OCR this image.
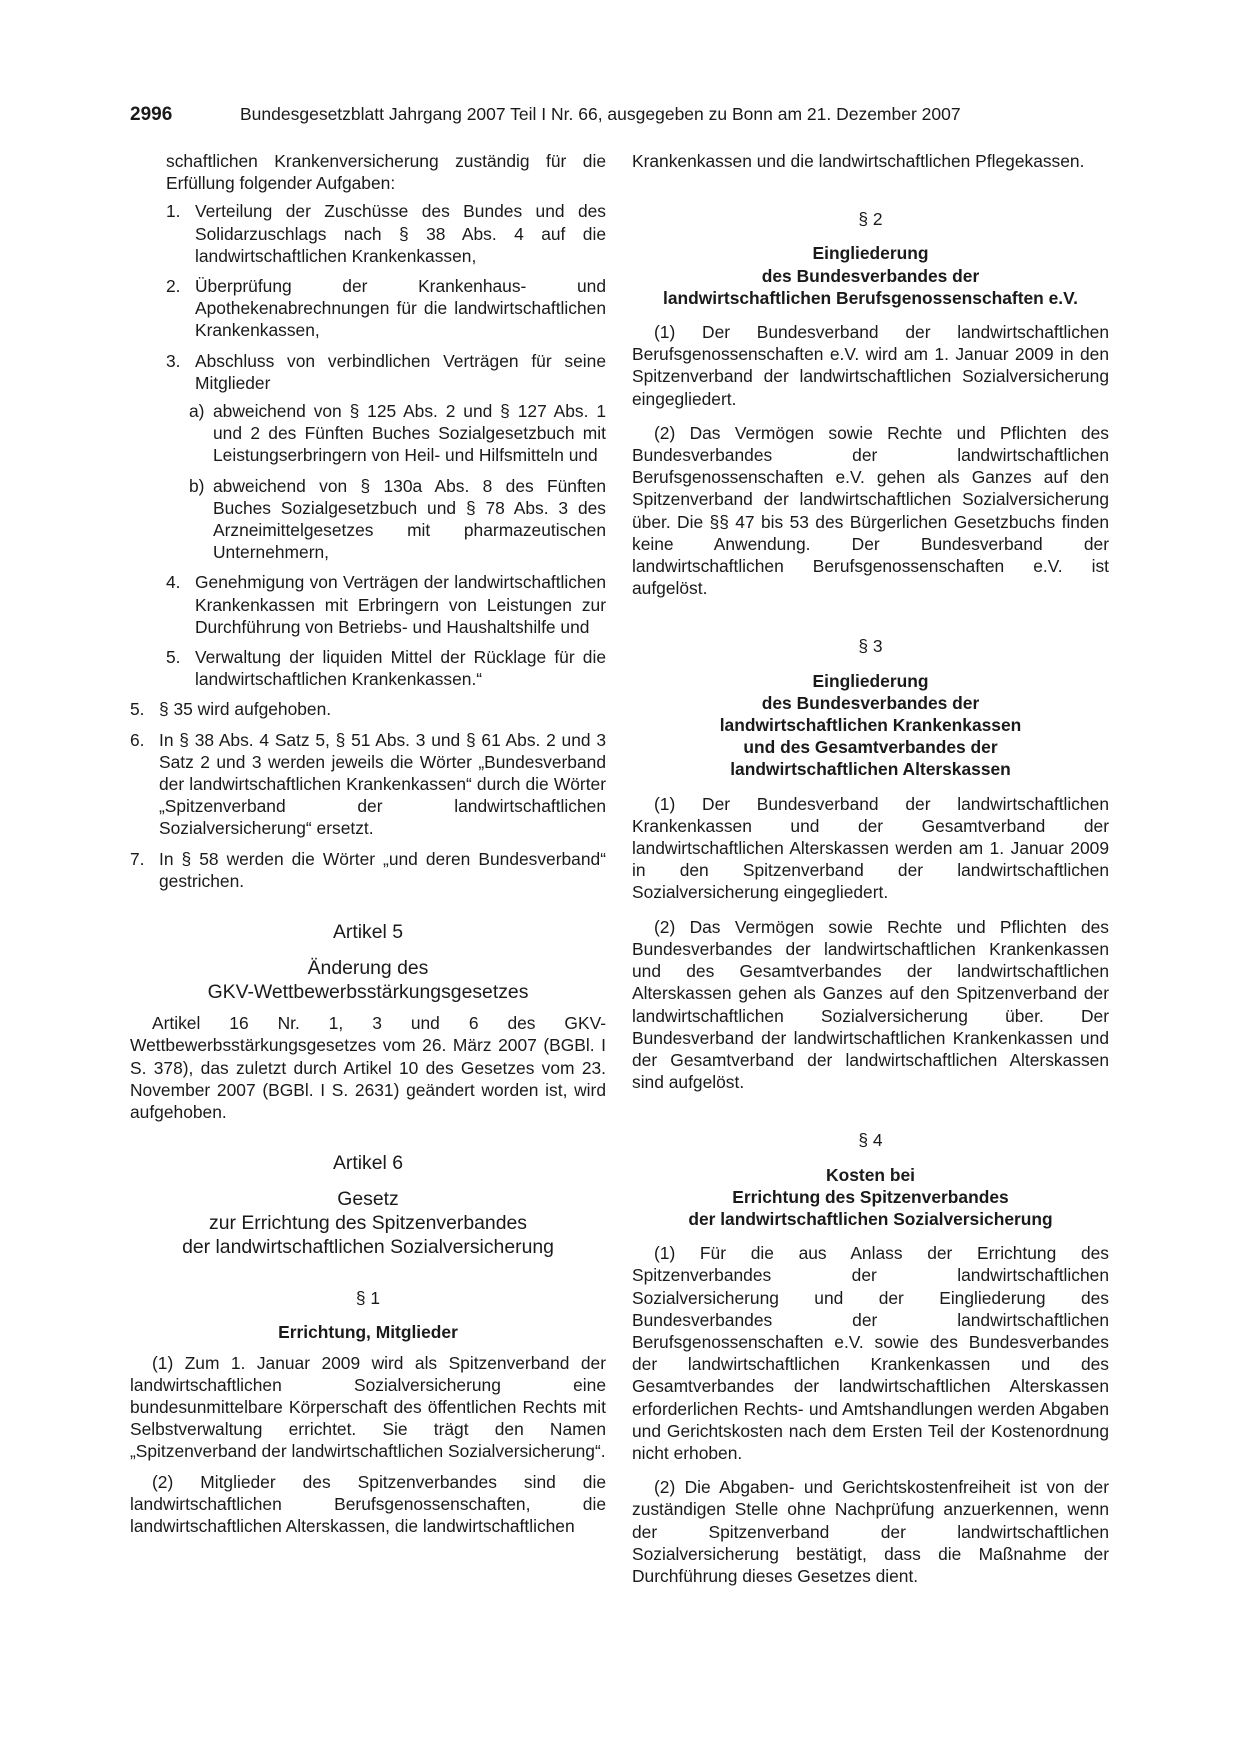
2996	Bundesgesetzblatt Jahrgang 2007 Teil I Nr. 66, ausgegeben zu Bonn am 21. Dezember 2007

schaftlichen Krankenversicherung zuständig für die Erfüllung folgender Aufgaben:

1. Verteilung der Zuschüsse des Bundes und des Solidarzuschlags nach § 38 Abs. 4 auf die landwirtschaftlichen Krankenkassen,
2. Überprüfung der Krankenhaus- und Apothekenabrechnungen für die landwirtschaftlichen Krankenkassen,
3. Abschluss von verbindlichen Verträgen für seine Mitglieder
a) abweichend von § 125 Abs. 2 und § 127 Abs. 1 und 2 des Fünften Buches Sozialgesetzbuch mit Leistungserbringern von Heil- und Hilfsmitteln und
b) abweichend von § 130a Abs. 8 des Fünften Buches Sozialgesetzbuch und § 78 Abs. 3 des Arzneimittelgesetzes mit pharmazeutischen Unternehmern,
4. Genehmigung von Verträgen der landwirtschaftlichen Krankenkassen mit Erbringern von Leistungen zur Durchführung von Betriebs- und Haushaltshilfe und
5. Verwaltung der liquiden Mittel der Rücklage für die landwirtschaftlichen Krankenkassen.“
5. § 35 wird aufgehoben.
6. In § 38 Abs. 4 Satz 5, § 51 Abs. 3 und § 61 Abs. 2 und 3 Satz 2 und 3 werden jeweils die Wörter „Bundesverband der landwirtschaftlichen Krankenkassen“ durch die Wörter „Spitzenverband der landwirtschaftlichen Sozialversicherung“ ersetzt.
7. In § 58 werden die Wörter „und deren Bundesverband“ gestrichen.
Artikel 5
Änderung des
GKV-Wettbewerbsstärkungsgesetzes

Artikel 16 Nr. 1, 3 und 6 des GKV-Wettbewerbsstärkungsgesetzes vom 26. März 2007 (BGBl. I S. 378), das zuletzt durch Artikel 10 des Gesetzes vom 23. November 2007 (BGBl. I S. 2631) geändert worden ist, wird aufgehoben.

Artikel 6
Gesetz
zur Errichtung des Spitzenverbandes
der landwirtschaftlichen Sozialversicherung
§ 1
Errichtung, Mitglieder

(1) Zum 1. Januar 2009 wird als Spitzenverband der landwirtschaftlichen Sozialversicherung eine bundesunmittelbare Körperschaft des öffentlichen Rechts mit Selbstverwaltung errichtet. Sie trägt den Namen „Spitzenverband der landwirtschaftlichen Sozialversicherung“.

(2) Mitglieder des Spitzenverbandes sind die landwirtschaftlichen Berufsgenossenschaften, die landwirtschaftlichen Alterskassen, die landwirtschaftlichen

Krankenkassen und die landwirtschaftlichen Pflegekassen.

§ 2
Eingliederung
des Bundesverbandes der
landwirtschaftlichen Berufsgenossenschaften e.V.

(1) Der Bundesverband der landwirtschaftlichen Berufsgenossenschaften e.V. wird am 1. Januar 2009 in den Spitzenverband der landwirtschaftlichen Sozialversicherung eingegliedert.

(2) Das Vermögen sowie Rechte und Pflichten des Bundesverbandes der landwirtschaftlichen Berufsgenossenschaften e.V. gehen als Ganzes auf den Spitzenverband der landwirtschaftlichen Sozialversicherung über. Die §§ 47 bis 53 des Bürgerlichen Gesetzbuchs finden keine Anwendung. Der Bundesverband der landwirtschaftlichen Berufsgenossenschaften e.V. ist aufgelöst.

§ 3
Eingliederung
des Bundesverbandes der
landwirtschaftlichen Krankenkassen
und des Gesamtverbandes der
landwirtschaftlichen Alterskassen

(1) Der Bundesverband der landwirtschaftlichen Krankenkassen und der Gesamtverband der landwirtschaftlichen Alterskassen werden am 1. Januar 2009 in den Spitzenverband der landwirtschaftlichen Sozialversicherung eingegliedert.

(2) Das Vermögen sowie Rechte und Pflichten des Bundesverbandes der landwirtschaftlichen Krankenkassen und des Gesamtverbandes der landwirtschaftlichen Alterskassen gehen als Ganzes auf den Spitzenverband der landwirtschaftlichen Sozialversicherung über. Der Bundesverband der landwirtschaftlichen Krankenkassen und der Gesamtverband der landwirtschaftlichen Alterskassen sind aufgelöst.

§ 4
Kosten bei
Errichtung des Spitzenverbandes
der landwirtschaftlichen Sozialversicherung

(1) Für die aus Anlass der Errichtung des Spitzenverbandes der landwirtschaftlichen Sozialversicherung und der Eingliederung des Bundesverbandes der landwirtschaftlichen Berufsgenossenschaften e.V. sowie des Bundesverbandes der landwirtschaftlichen Krankenkassen und des Gesamtverbandes der landwirtschaftlichen Alterskassen erforderlichen Rechts- und Amtshandlungen werden Abgaben und Gerichtskosten nach dem Ersten Teil der Kostenordnung nicht erhoben.

(2) Die Abgaben- und Gerichtskostenfreiheit ist von der zuständigen Stelle ohne Nachprüfung anzuerkennen, wenn der Spitzenverband der landwirtschaftlichen Sozialversicherung bestätigt, dass die Maßnahme der Durchführung dieses Gesetzes dient.
